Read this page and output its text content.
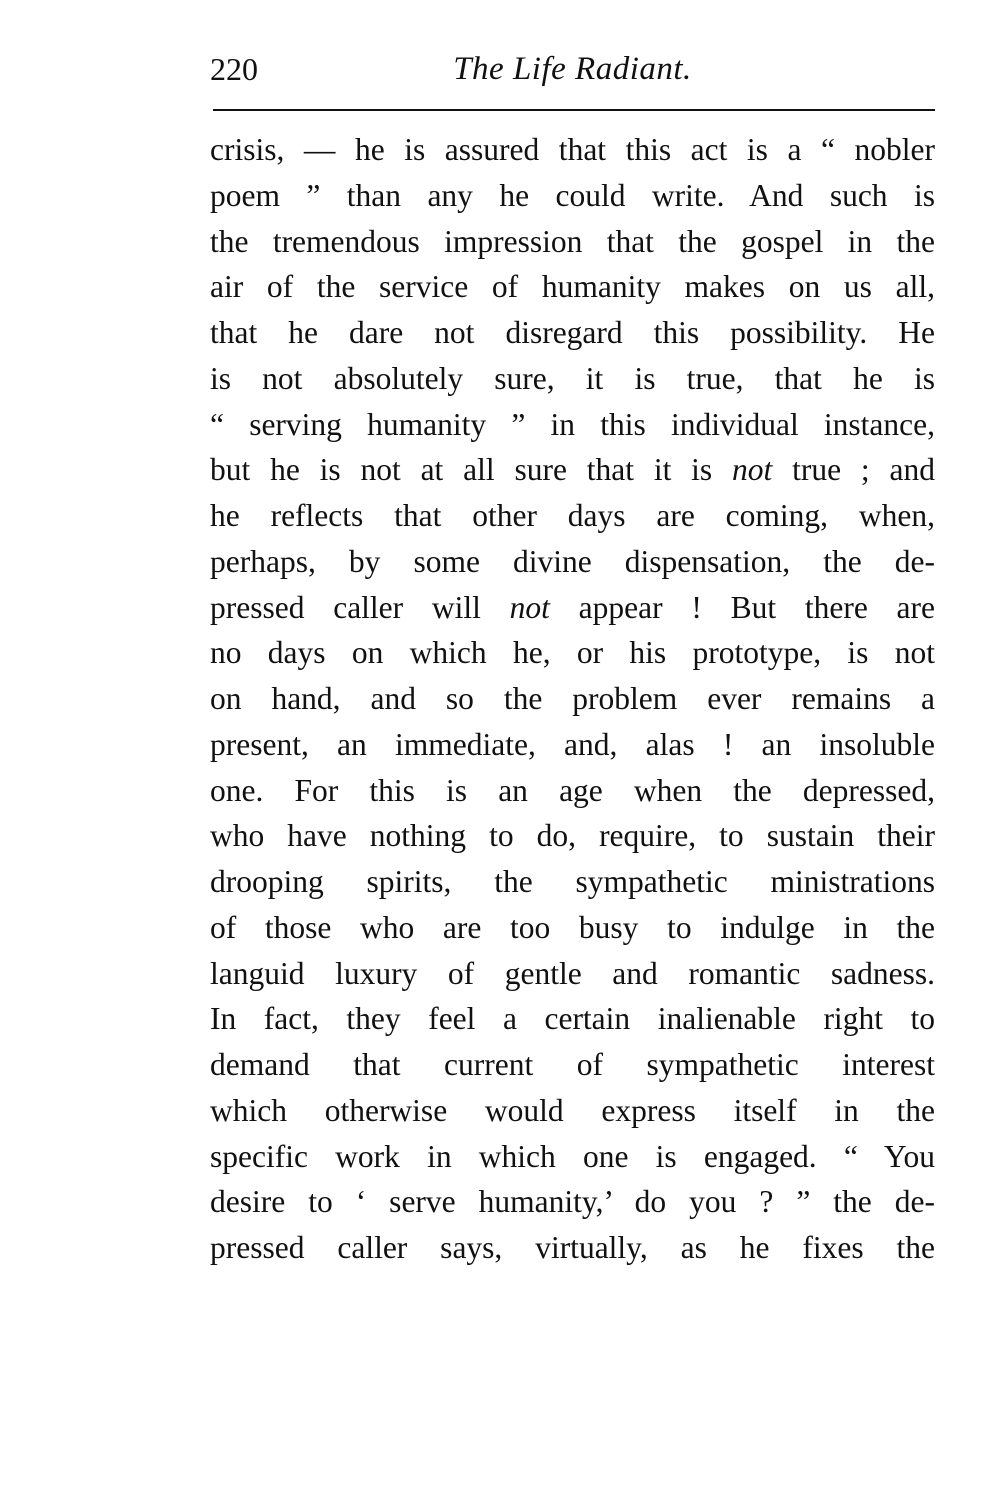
220	The Life Radiant.
crisis, — he is assured that this act is a “ nobler
poem ” than any he could write. And such is
the tremendous impression that the gospel in the
air of the service of humanity makes on us all,
that he dare not disregard this possibility. He
is not absolutely sure, it is true, that he is
“ serving humanity ” in this individual instance,
but he is not at all sure that it is not true ; and
he reflects that other days are coming, when,
perhaps, by some divine dispensation, the de-
pressed caller will not appear ! But there are
no days on which he, or his prototype, is not
on hand, and so the problem ever remains a
present, an immediate, and, alas ! an insoluble
one. For this is an age when the depressed,
who have nothing to do, require, to sustain their
drooping spirits, the sympathetic ministrations
of those who are too busy to indulge in the
languid luxury of gentle and romantic sadness.
In fact, they feel a certain inalienable right to
demand that current of sympathetic interest
which otherwise would express itself in the
specific work in which one is engaged. “ You
desire to ‘ serve humanity,’ do you ? ” the de-
pressed caller says, virtually, as he fixes the
